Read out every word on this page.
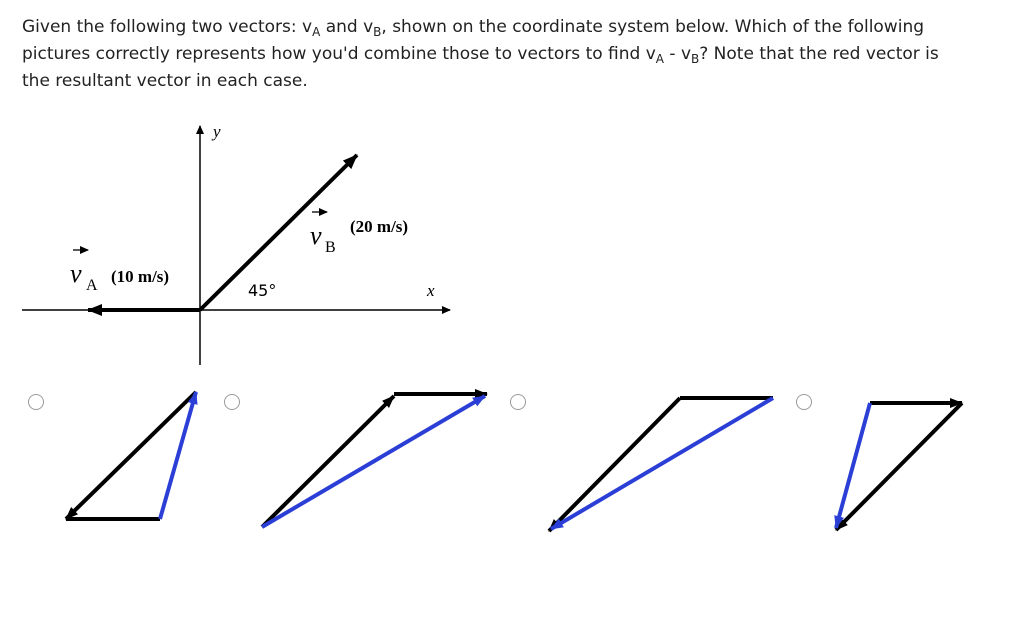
Given the following two vectors: $v_A$ and $v_B$, shown on the coordinate system below. Which of the following
pictures correctly represents how you'd combine those to vectors to find $v_A - v_B$? Note that the red vector is
the resultant vector in each case.
y
x
v B
(20 m/s)
v A (10 m/s)
45°
